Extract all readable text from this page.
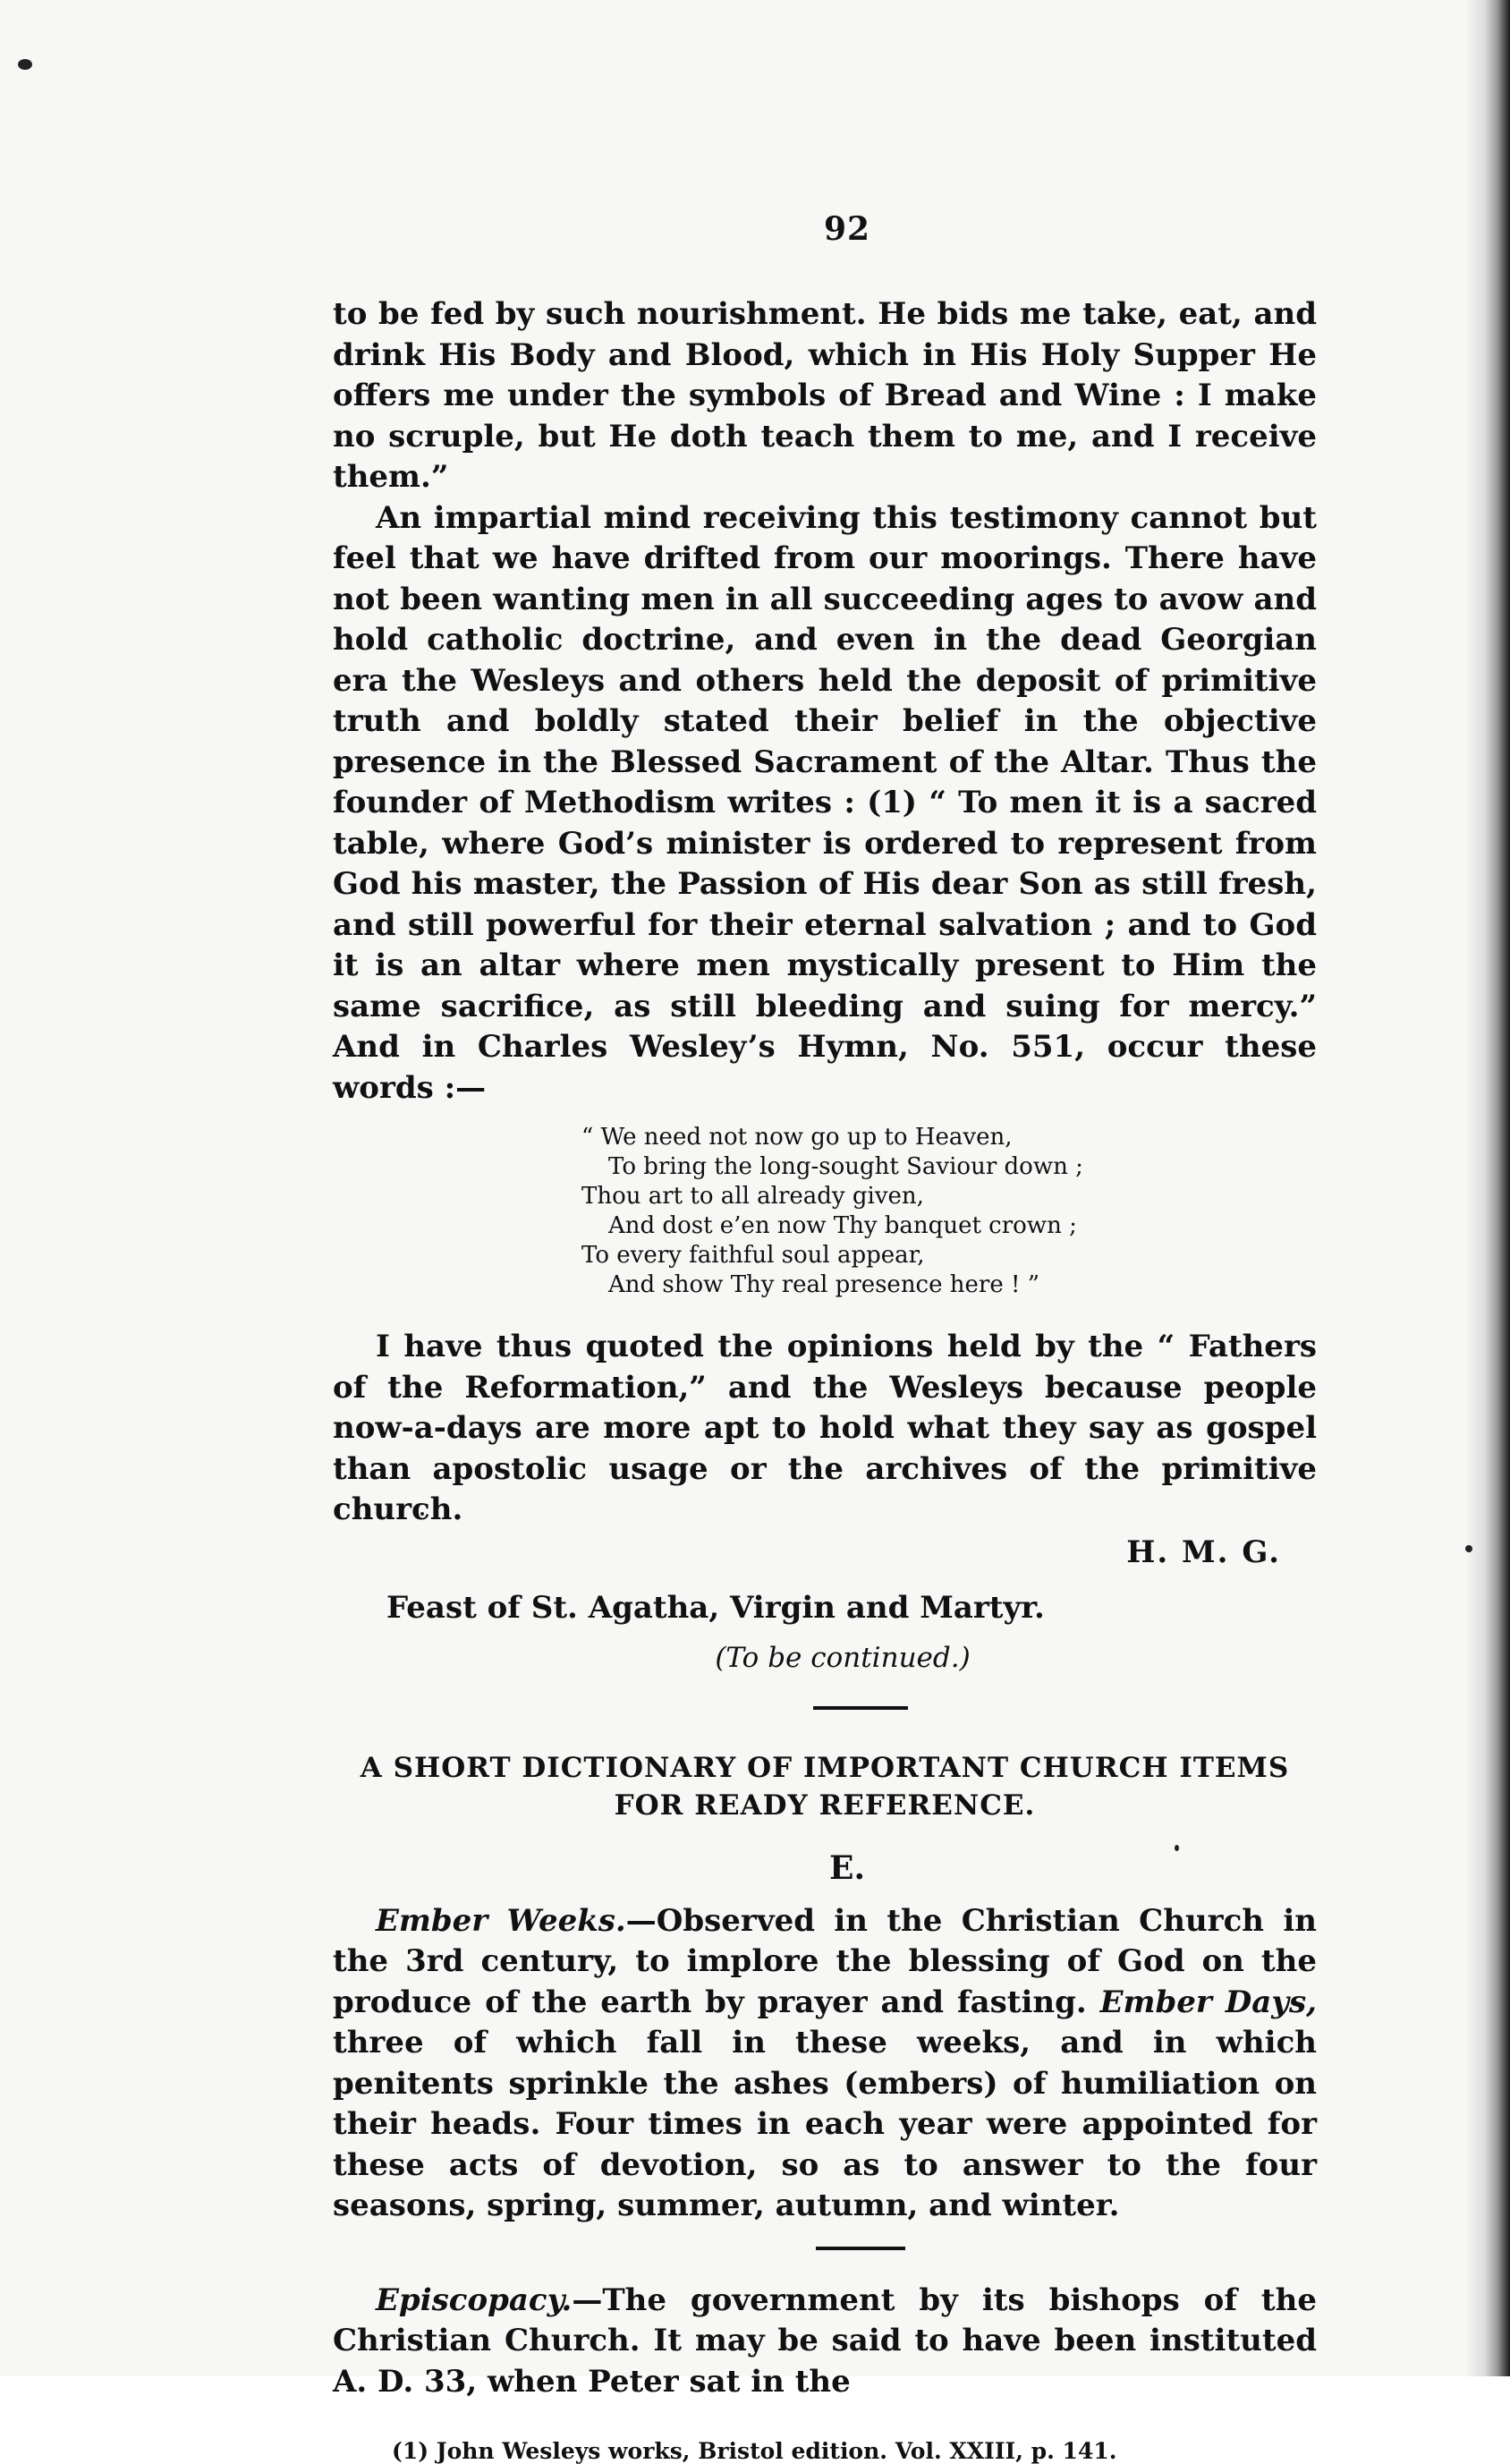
92

to be fed by such nourishment. He bids me take, eat, and drink His Body and Blood, which in His Holy Supper He offers me under the symbols of Bread and Wine : I make no scruple, but He doth teach them to me, and I receive them.”

An impartial mind receiving this testimony cannot but feel that we have drifted from our moorings. There have not been wanting men in all succeeding ages to avow and hold catholic doctrine, and even in the dead Georgian era the Wesleys and others held the deposit of primitive truth and boldly stated their belief in the objective presence in the Blessed Sacrament of the Altar. Thus the founder of Methodism writes : (1) “ To men it is a sacred table, where God’s minister is ordered to represent from God his master, the Passion of His dear Son as still fresh, and still powerful for their eternal salvation ; and to God it is an altar where men mystically present to Him the same sacrifice, as still bleeding and suing for mercy.” And in Charles Wesley’s Hymn, No. 551, occur these words :—

“ We need not now go up to Heaven,
To bring the long-sought Saviour down ;
Thou art to all already given,
And dost e’en now Thy banquet crown ;
To every faithful soul appear,
And show Thy real presence here ! ”

I have thus quoted the opinions held by the “ Fathers of the Reformation,” and the Wesleys because people now-a-days are more apt to hold what they say as gospel than apostolic usage or the archives of the primitive church.

H. M. G.
Feast of St. Agatha, Virgin and Martyr.
(To be continued.)
A SHORT DICTIONARY OF IMPORTANT CHURCH ITEMS
FOR READY REFERENCE.
E.

Ember Weeks.—Observed in the Christian Church in the 3rd century, to implore the blessing of God on the produce of the earth by prayer and fasting. Ember Days, three of which fall in these weeks, and in which penitents sprinkle the ashes (embers) of humiliation on their heads. Four times in each year were appointed for these acts of devotion, so as to answer to the four seasons, spring, summer, autumn, and winter.

Episcopacy.—The government by its bishops of the Christian Church. It may be said to have been instituted A. D. 33, when Peter sat in the

(1) John Wesleys works, Bristol edition. Vol. XXIII, p. 141.
